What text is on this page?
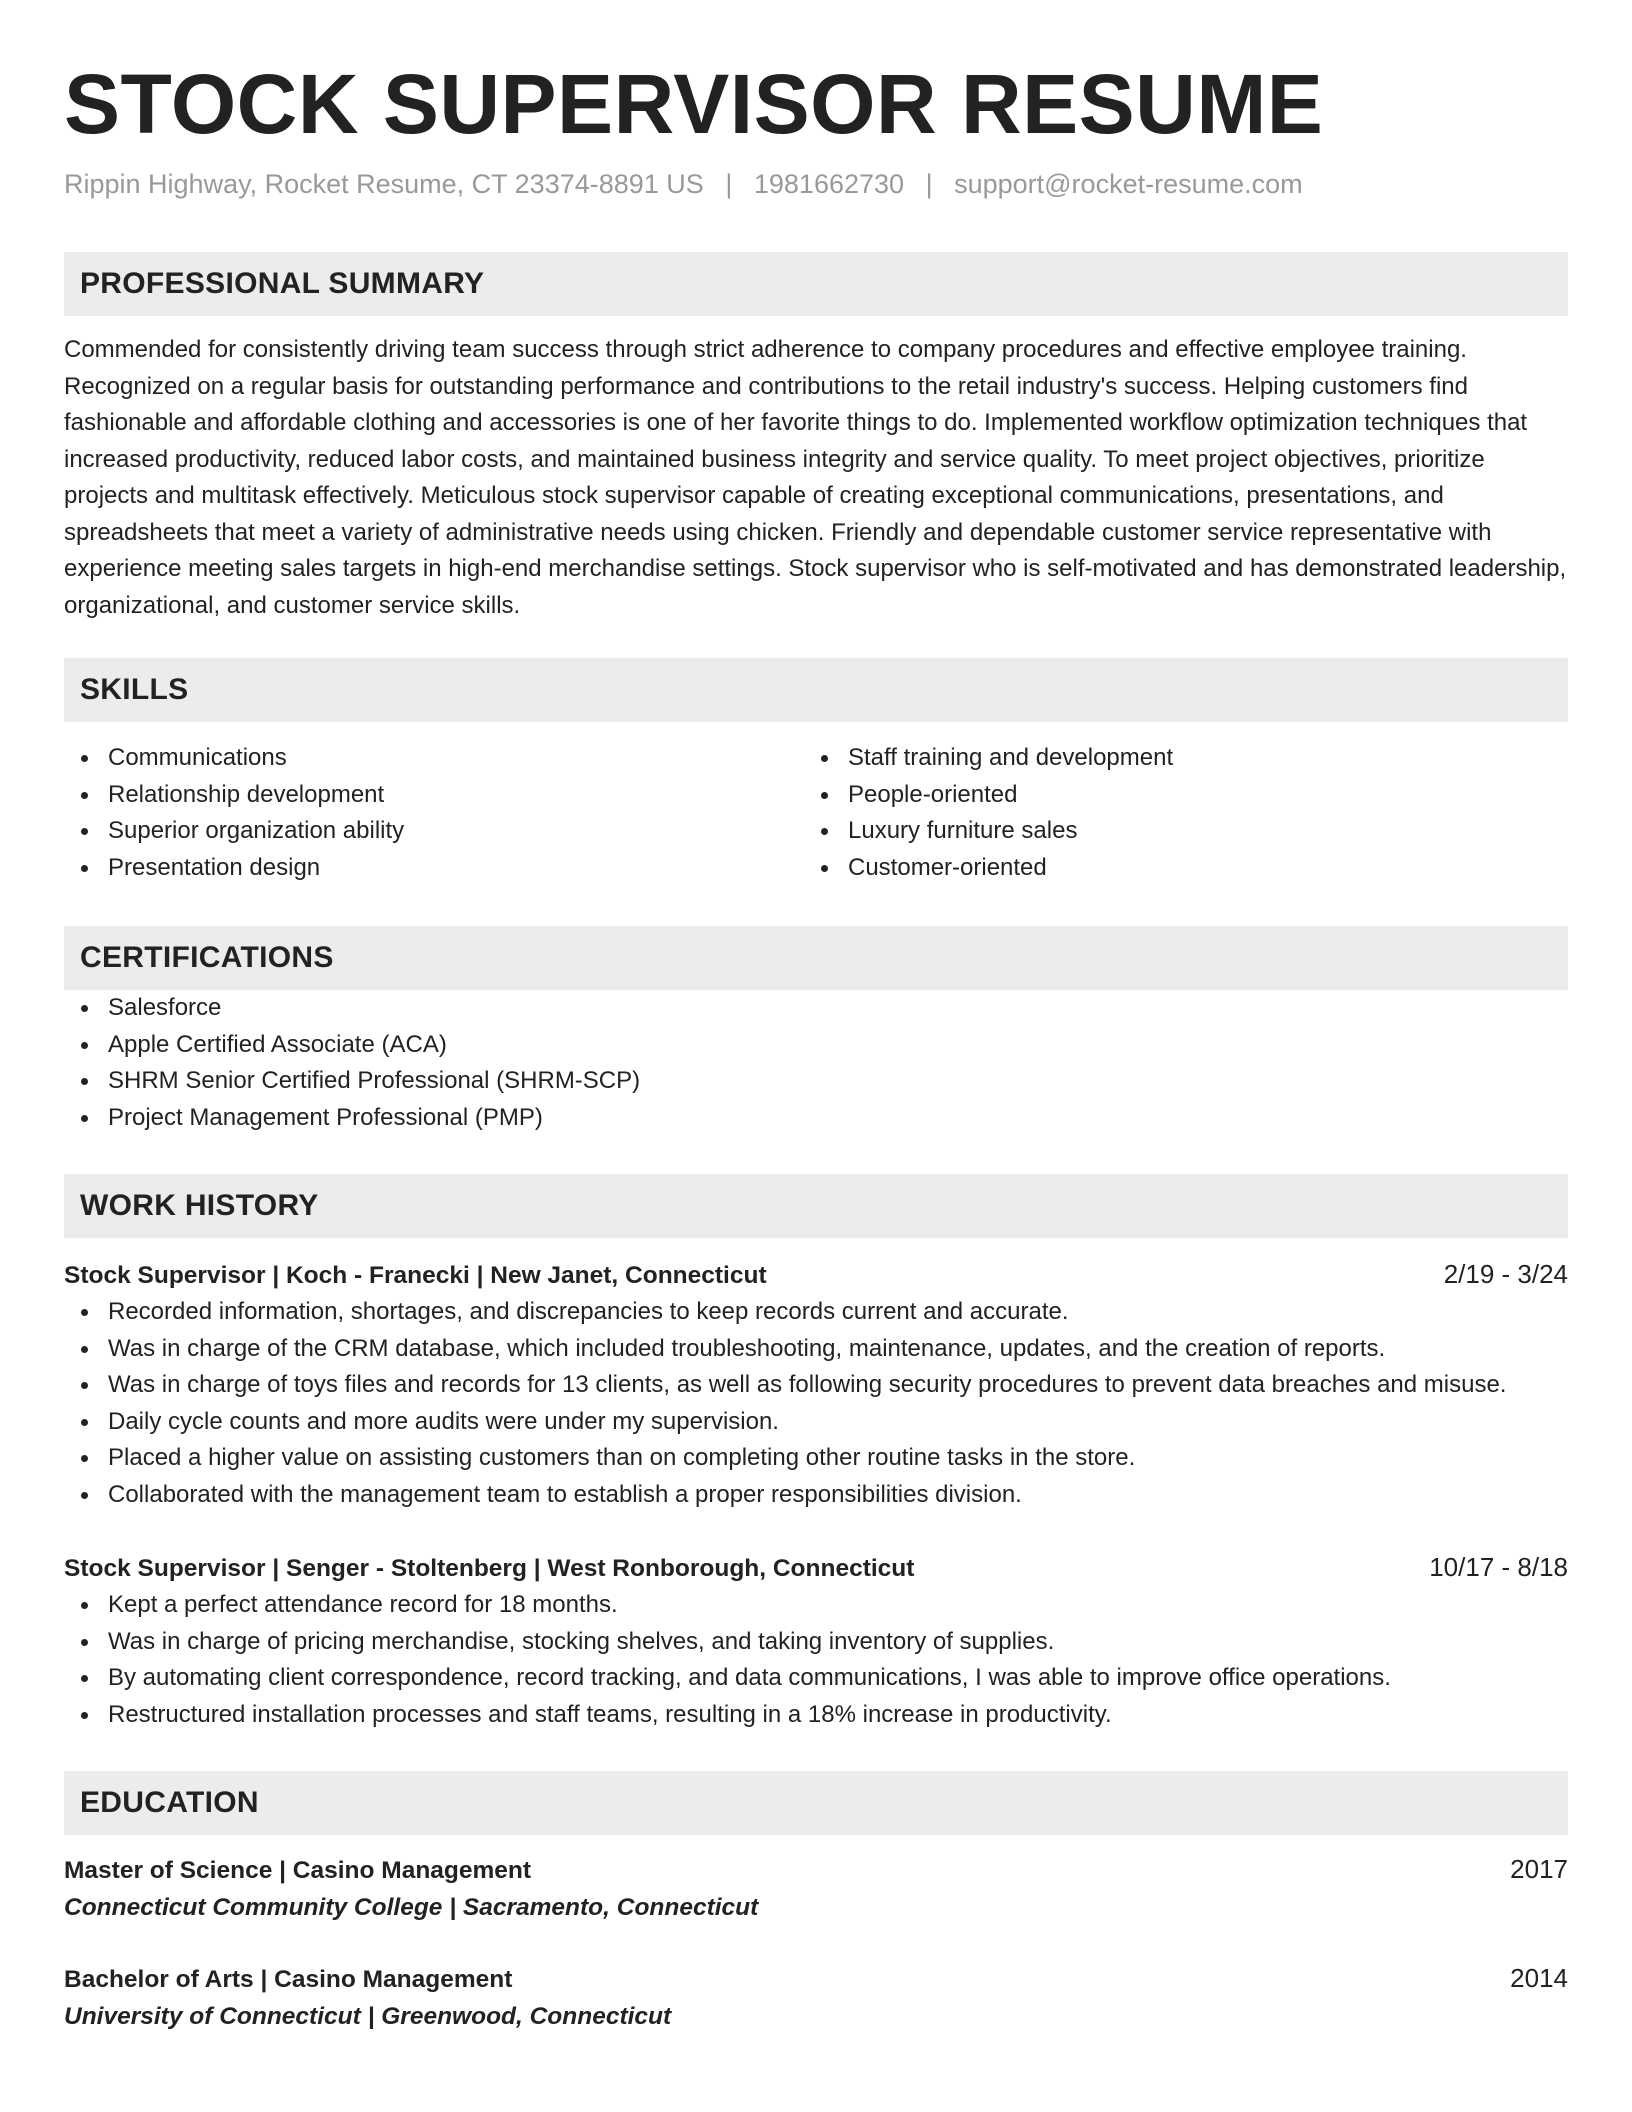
STOCK SUPERVISOR RESUME
Rippin Highway, Rocket Resume, CT 23374-8891 US | 1981662730 | support@rocket-resume.com
PROFESSIONAL SUMMARY
Commended for consistently driving team success through strict adherence to company procedures and effective employee training. Recognized on a regular basis for outstanding performance and contributions to the retail industry's success. Helping customers find fashionable and affordable clothing and accessories is one of her favorite things to do. Implemented workflow optimization techniques that increased productivity, reduced labor costs, and maintained business integrity and service quality. To meet project objectives, prioritize projects and multitask effectively. Meticulous stock supervisor capable of creating exceptional communications, presentations, and spreadsheets that meet a variety of administrative needs using chicken. Friendly and dependable customer service representative with experience meeting sales targets in high-end merchandise settings. Stock supervisor who is self-motivated and has demonstrated leadership, organizational, and customer service skills.
SKILLS
Communications
Relationship development
Superior organization ability
Presentation design
Staff training and development
People-oriented
Luxury furniture sales
Customer-oriented
CERTIFICATIONS
Salesforce
Apple Certified Associate (ACA)
SHRM Senior Certified Professional (SHRM-SCP)
Project Management Professional (PMP)
WORK HISTORY
Stock Supervisor | Koch - Franecki | New Janet, Connecticut	2/19 - 3/24
Recorded information, shortages, and discrepancies to keep records current and accurate.
Was in charge of the CRM database, which included troubleshooting, maintenance, updates, and the creation of reports.
Was in charge of toys files and records for 13 clients, as well as following security procedures to prevent data breaches and misuse.
Daily cycle counts and more audits were under my supervision.
Placed a higher value on assisting customers than on completing other routine tasks in the store.
Collaborated with the management team to establish a proper responsibilities division.
Stock Supervisor | Senger - Stoltenberg | West Ronborough, Connecticut	10/17 - 8/18
Kept a perfect attendance record for 18 months.
Was in charge of pricing merchandise, stocking shelves, and taking inventory of supplies.
By automating client correspondence, record tracking, and data communications, I was able to improve office operations.
Restructured installation processes and staff teams, resulting in a 18% increase in productivity.
EDUCATION
Master of Science | Casino Management	2017
Connecticut Community College | Sacramento, Connecticut
Bachelor of Arts | Casino Management	2014
University of Connecticut | Greenwood, Connecticut
